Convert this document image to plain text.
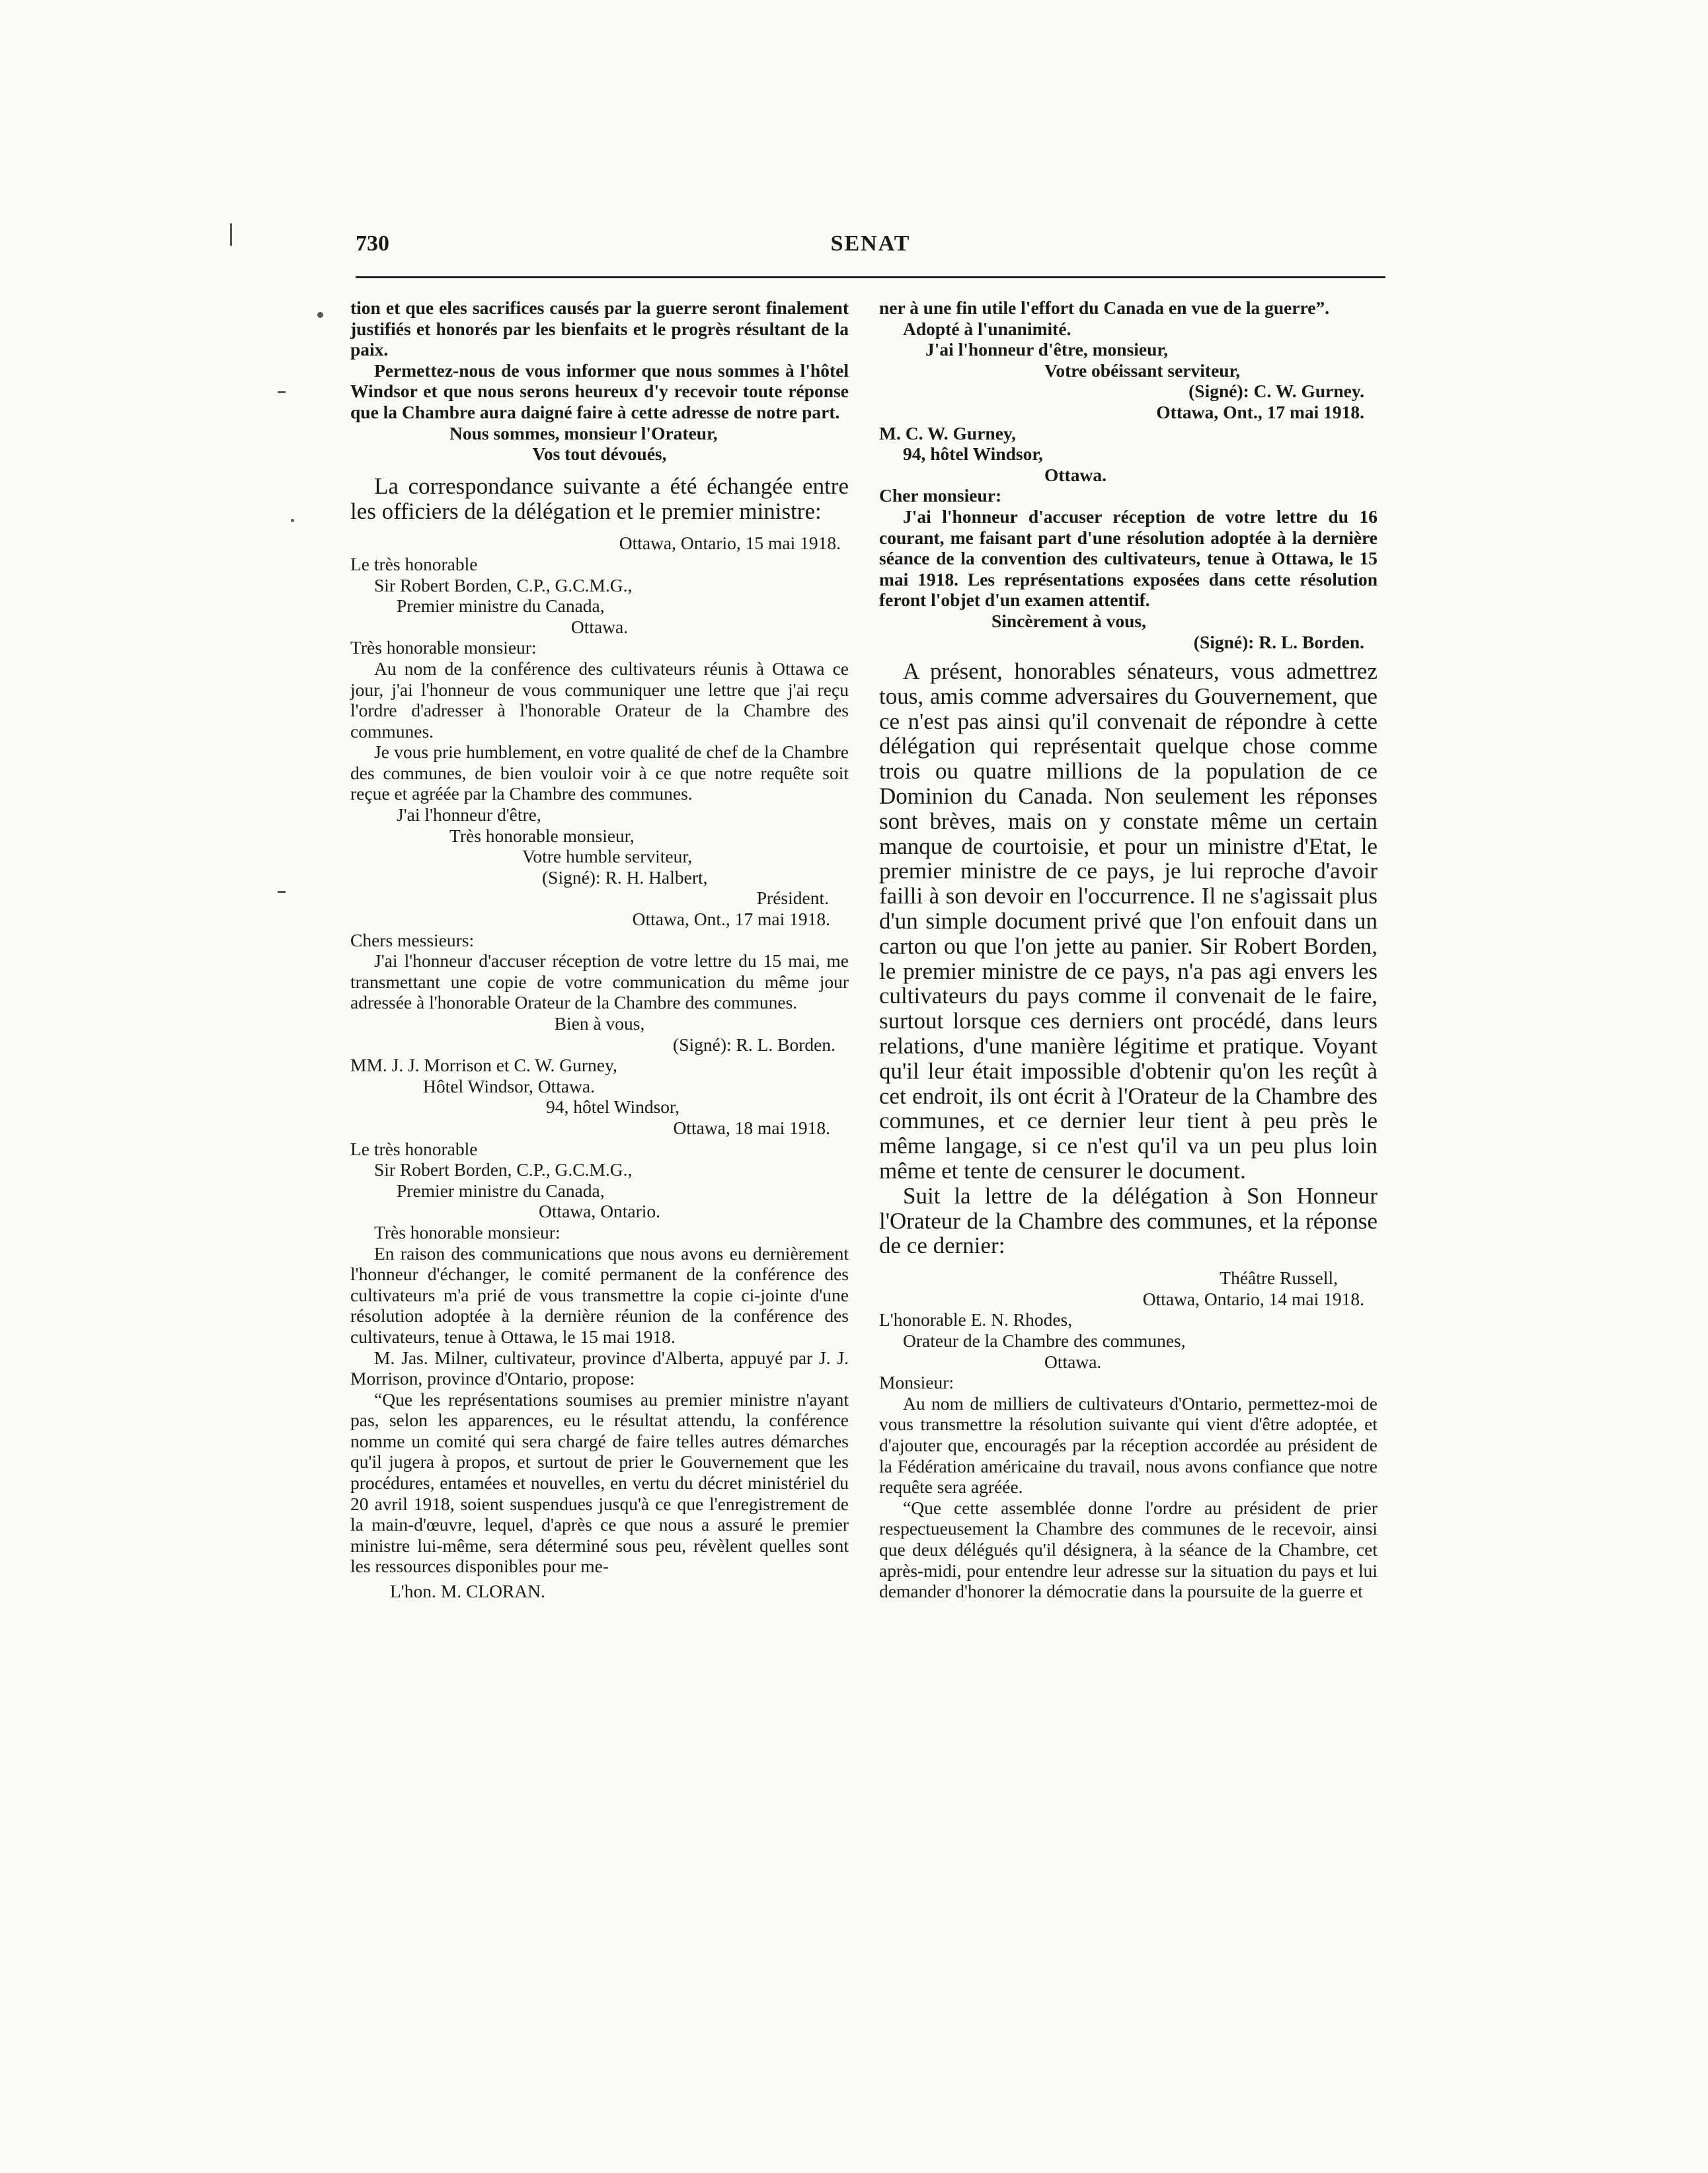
730	SENAT

tion et que eles sacrifices causés par la guerre seront finalement justifiés et honorés par les bienfaits et le progrès résultant de la paix.

Permettez-nous de vous informer que nous sommes à l'hôtel Windsor et que nous serons heureux d'y recevoir toute réponse que la Chambre aura daigné faire à cette adresse de notre part.

Nous sommes, monsieur l'Orateur,

Vos tout dévoués,

La correspondance suivante a été échangée entre les officiers de la délégation et le premier ministre:

Ottawa, Ontario, 15 mai 1918.

Le très honorable

Sir Robert Borden, C.P., G.C.M.G.,

Premier ministre du Canada,

Ottawa.

Très honorable monsieur:

Au nom de la conférence des cultivateurs réunis à Ottawa ce jour, j'ai l'honneur de vous communiquer une lettre que j'ai reçu l'ordre d'adresser à l'honorable Orateur de la Chambre des communes.

Je vous prie humblement, en votre qualité de chef de la Chambre des communes, de bien vouloir voir à ce que notre requête soit reçue et agréée par la Chambre des communes.

J'ai l'honneur d'être,

Très honorable monsieur,

Votre humble serviteur,

(Signé): R. H. Halbert,

Président.

Ottawa, Ont., 17 mai 1918.

Chers messieurs:

J'ai l'honneur d'accuser réception de votre lettre du 15 mai, me transmettant une copie de votre communication du même jour adressée à l'honorable Orateur de la Chambre des communes.

Bien à vous,

(Signé): R. L. Borden.

MM. J. J. Morrison et C. W. Gurney,

Hôtel Windsor, Ottawa.

94, hôtel Windsor,

Ottawa, 18 mai 1918.

Le très honorable

Sir Robert Borden, C.P., G.C.M.G.,

Premier ministre du Canada,

Ottawa, Ontario.

Très honorable monsieur:

En raison des communications que nous avons eu dernièrement l'honneur d'échanger, le comité permanent de la conférence des cultivateurs m'a prié de vous transmettre la copie ci-jointe d'une résolution adoptée à la dernière réunion de la conférence des cultivateurs, tenue à Ottawa, le 15 mai 1918.

M. Jas. Milner, cultivateur, province d'Alberta, appuyé par J. J. Morrison, province d'Ontario, propose:

“Que les représentations soumises au premier ministre n'ayant pas, selon les apparences, eu le résultat attendu, la conférence nomme un comité qui sera chargé de faire telles autres démarches qu'il jugera à propos, et surtout de prier le Gouvernement que les procédures, entamées et nouvelles, en vertu du décret ministériel du 20 avril 1918, soient suspendues jusqu'à ce que l'enregistrement de la main-d'œuvre, lequel, d'après ce que nous a assuré le premier ministre lui-même, sera déterminé sous peu, révèlent quelles sont les ressources disponibles pour me-

L'hon. M. CLORAN.

ner à une fin utile l'effort du Canada en vue de la guerre”.

Adopté à l'unanimité.

J'ai l'honneur d'être, monsieur,

Votre obéissant serviteur,

(Signé): C. W. Gurney.

Ottawa, Ont., 17 mai 1918.

M. C. W. Gurney,

94, hôtel Windsor,

Ottawa.

Cher monsieur:

J'ai l'honneur d'accuser réception de votre lettre du 16 courant, me faisant part d'une résolution adoptée à la dernière séance de la convention des cultivateurs, tenue à Ottawa, le 15 mai 1918. Les représentations exposées dans cette résolution feront l'objet d'un examen attentif.

Sincèrement à vous,

(Signé): R. L. Borden.

A présent, honorables sénateurs, vous admettrez tous, amis comme adversaires du Gouvernement, que ce n'est pas ainsi qu'il convenait de répondre à cette délégation qui représentait quelque chose comme trois ou quatre millions de la population de ce Dominion du Canada. Non seulement les réponses sont brèves, mais on y constate même un certain manque de courtoisie, et pour un ministre d'Etat, le premier ministre de ce pays, je lui reproche d'avoir failli à son devoir en l'occurrence. Il ne s'agissait plus d'un simple document privé que l'on enfouit dans un carton ou que l'on jette au panier. Sir Robert Borden, le premier ministre de ce pays, n'a pas agi envers les cultivateurs du pays comme il convenait de le faire, surtout lorsque ces derniers ont procédé, dans leurs relations, d'une manière légitime et pratique. Voyant qu'il leur était impossible d'obtenir qu'on les reçût à cet endroit, ils ont écrit à l'Orateur de la Chambre des communes, et ce dernier leur tient à peu près le même langage, si ce n'est qu'il va un peu plus loin même et tente de censurer le document.

Suit la lettre de la délégation à Son Honneur l'Orateur de la Chambre des communes, et la réponse de ce dernier:

Théâtre Russell,

Ottawa, Ontario, 14 mai 1918.

L'honorable E. N. Rhodes,

Orateur de la Chambre des communes,

Ottawa.

Monsieur:

Au nom de milliers de cultivateurs d'Ontario, permettez-moi de vous transmettre la résolution suivante qui vient d'être adoptée, et d'ajouter que, encouragés par la réception accordée au président de la Fédération américaine du travail, nous avons confiance que notre requête sera agréée.

“Que cette assemblée donne l'ordre au président de prier respectueusement la Chambre des communes de le recevoir, ainsi que deux délégués qu'il désignera, à la séance de la Chambre, cet après-midi, pour entendre leur adresse sur la situation du pays et lui demander d'honorer la démocratie dans la poursuite de la guerre et
